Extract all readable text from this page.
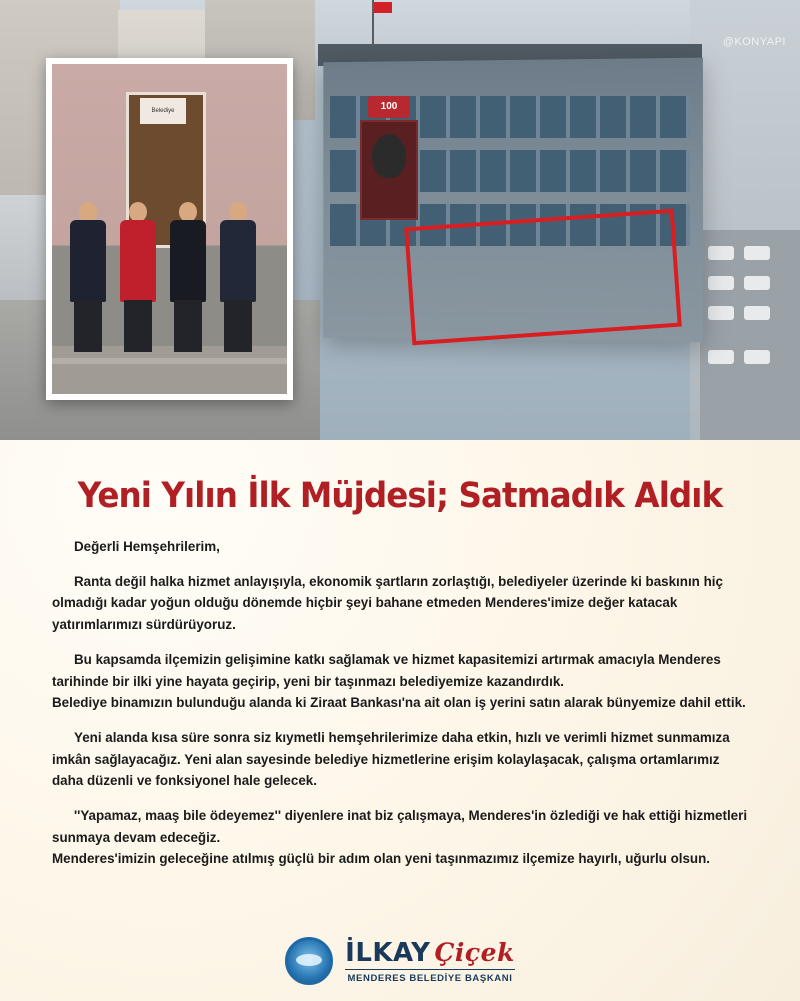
100
@KONYAPI
Belediye
Yeni Yılın İlk Müjdesi; Satmadık Aldık

Değerli Hemşehrilerim,

Ranta değil halka hizmet anlayışıyla, ekonomik şartların zorlaştığı, belediyeler üzerinde ki baskının hiç olmadığı kadar yoğun olduğu dönemde hiçbir şeyi bahane etmeden Menderes'imize değer katacak yatırımlarımızı sürdürüyoruz.

Bu kapsamda ilçemizin gelişimine katkı sağlamak ve hizmet kapasitemizi artırmak amacıyla Menderes tarihinde bir ilki yine hayata geçirip, yeni bir taşınmazı belediyemize kazandırdık.

Belediye binamızın bulunduğu alanda ki Ziraat Bankası'na ait olan iş yerini satın alarak bünyemize dahil ettik.

Yeni alanda kısa süre sonra siz kıymetli hemşehrilerimize daha etkin, hızlı ve verimli hizmet sunmamıza imkân sağlayacağız. Yeni alan sayesinde belediye hizmetlerine erişim kolaylaşacak, çalışma ortamlarımız daha düzenli ve fonksiyonel hale gelecek.

''Yapamaz, maaş bile ödeyemez'' diyenlere inat biz çalışmaya, Menderes'in özlediği ve hak ettiği hizmetleri sunmaya devam edeceğiz.

Menderes'imizin geleceğine atılmış güçlü bir adım olan yeni taşınmazımız ilçemize hayırlı, uğurlu olsun.

İLKAY Çiçek
MENDERES BELEDİYE BAŞKANI
